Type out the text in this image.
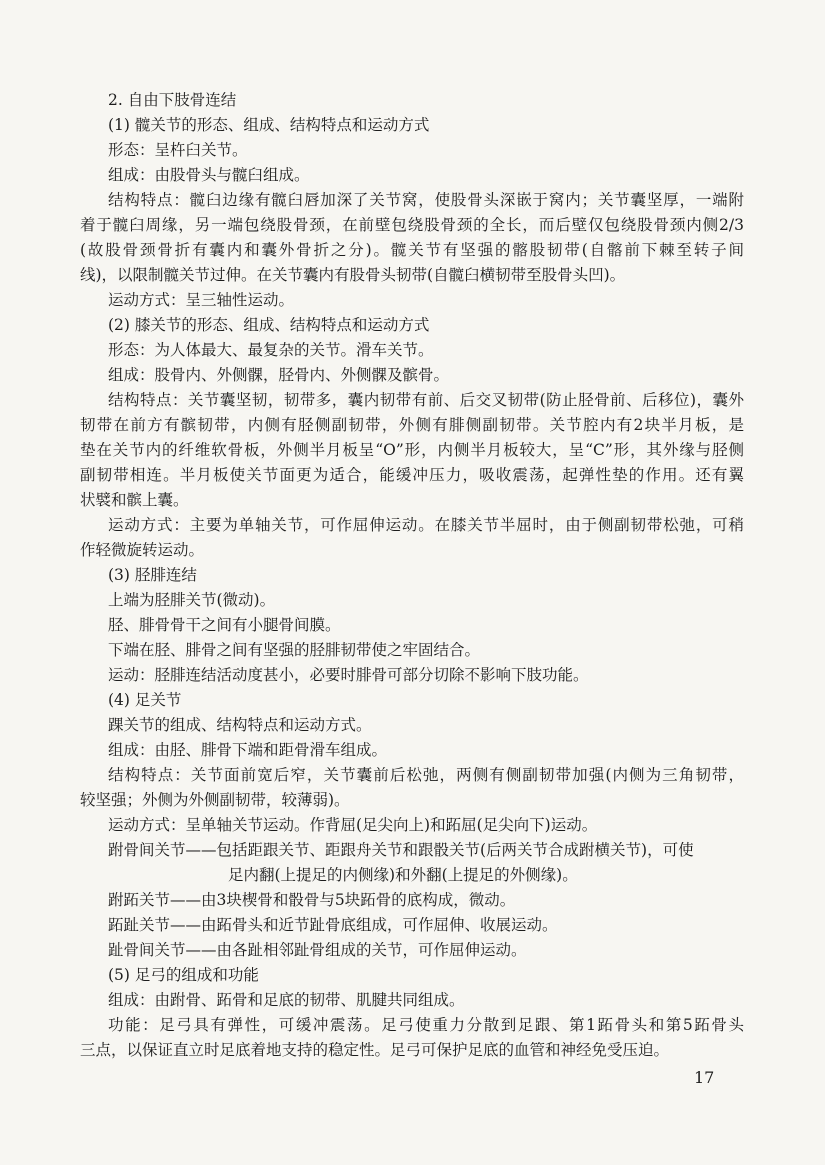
2. 自由下肢骨连结
(1) 髋关节的形态、组成、结构特点和运动方式
形态：呈杵臼关节。
组成：由股骨头与髋臼组成。
结构特点：髋臼边缘有髋臼唇加深了关节窝，使股骨头深嵌于窝内；关节囊坚厚，一端附
着于髋臼周缘，另一端包绕股骨颈，在前壁包绕股骨颈的全长，而后壁仅包绕股骨颈内侧2/3
(故股骨颈骨折有囊内和囊外骨折之分)。髋关节有坚强的髂股韧带(自髂前下棘至转子间
线)，以限制髋关节过伸。在关节囊内有股骨头韧带(自髋臼横韧带至股骨头凹)。
运动方式：呈三轴性运动。
(2) 膝关节的形态、组成、结构特点和运动方式
形态：为人体最大、最复杂的关节。滑车关节。
组成：股骨内、外侧髁，胫骨内、外侧髁及髌骨。
结构特点：关节囊坚韧，韧带多，囊内韧带有前、后交叉韧带(防止胫骨前、后移位)，囊外
韧带在前方有髌韧带，内侧有胫侧副韧带，外侧有腓侧副韧带。关节腔内有2块半月板，是
垫在关节内的纤维软骨板，外侧半月板呈“O”形，内侧半月板较大，呈“C”形，其外缘与胫侧
副韧带相连。半月板使关节面更为适合，能缓冲压力，吸收震荡，起弹性垫的作用。还有翼
状襞和髌上囊。
运动方式：主要为单轴关节，可作屈伸运动。在膝关节半屈时，由于侧副韧带松弛，可稍
作轻微旋转运动。
(3) 胫腓连结
上端为胫腓关节(微动)。
胫、腓骨骨干之间有小腿骨间膜。
下端在胫、腓骨之间有坚强的胫腓韧带使之牢固结合。
运动：胫腓连结活动度甚小，必要时腓骨可部分切除不影响下肢功能。
(4) 足关节
踝关节的组成、结构特点和运动方式。
组成：由胫、腓骨下端和距骨滑车组成。
结构特点：关节面前宽后窄，关节囊前后松弛，两侧有侧副韧带加强(内侧为三角韧带，
较坚强；外侧为外侧副韧带，较薄弱)。
运动方式：呈单轴关节运动。作背屈(足尖向上)和跖屈(足尖向下)运动。
跗骨间关节——包括距跟关节、距跟舟关节和跟骰关节(后两关节合成跗横关节)，可使
足内翻(上提足的内侧缘)和外翻(上提足的外侧缘)。
跗跖关节——由3块楔骨和骰骨与5块跖骨的底构成，微动。
跖趾关节——由跖骨头和近节趾骨底组成，可作屈伸、收展运动。
趾骨间关节——由各趾相邻趾骨组成的关节，可作屈伸运动。
(5) 足弓的组成和功能
组成：由跗骨、跖骨和足底的韧带、肌腱共同组成。
功能：足弓具有弹性，可缓冲震荡。足弓使重力分散到足跟、第1跖骨头和第5跖骨头
三点，以保证直立时足底着地支持的稳定性。足弓可保护足底的血管和神经免受压迫。
17
